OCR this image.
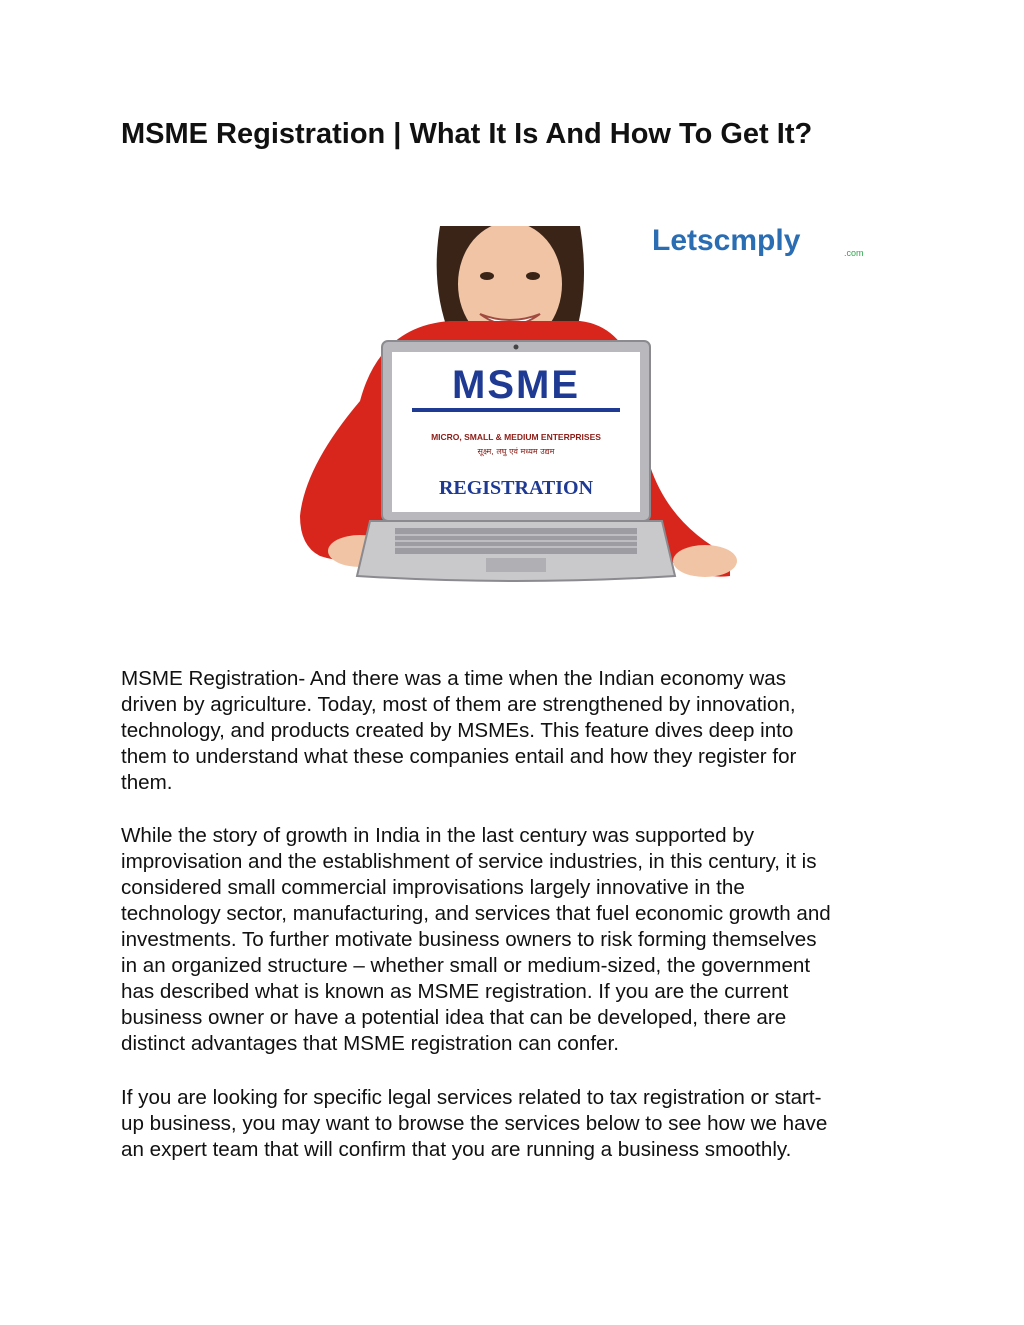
MSME Registration | What It Is And How To Get It?
Letscmply	.com
MSME
MICRO, SMALL & MEDIUM ENTERPRISES
सूक्ष्म, लघु एवं मध्यम उद्यम
REGISTRATION
MSME Registration- And there was a time when the Indian economy was
driven by agriculture. Today, most of them are strengthened by innovation,
technology, and products created by MSMEs. This feature dives deep into
them to understand what these companies entail and how they register for
them.
While the story of growth in India in the last century was supported by
improvisation and the establishment of service industries, in this century, it is
considered small commercial improvisations largely innovative in the
technology sector, manufacturing, and services that fuel economic growth and
investments. To further motivate business owners to risk forming themselves
in an organized structure – whether small or medium-sized, the government
has described what is known as MSME registration. If you are the current
business owner or have a potential idea that can be developed, there are
distinct advantages that MSME registration can confer.
If you are looking for specific legal services related to tax registration or start-
up business, you may want to browse the services below to see how we have
an expert team that will confirm that you are running a business smoothly.
